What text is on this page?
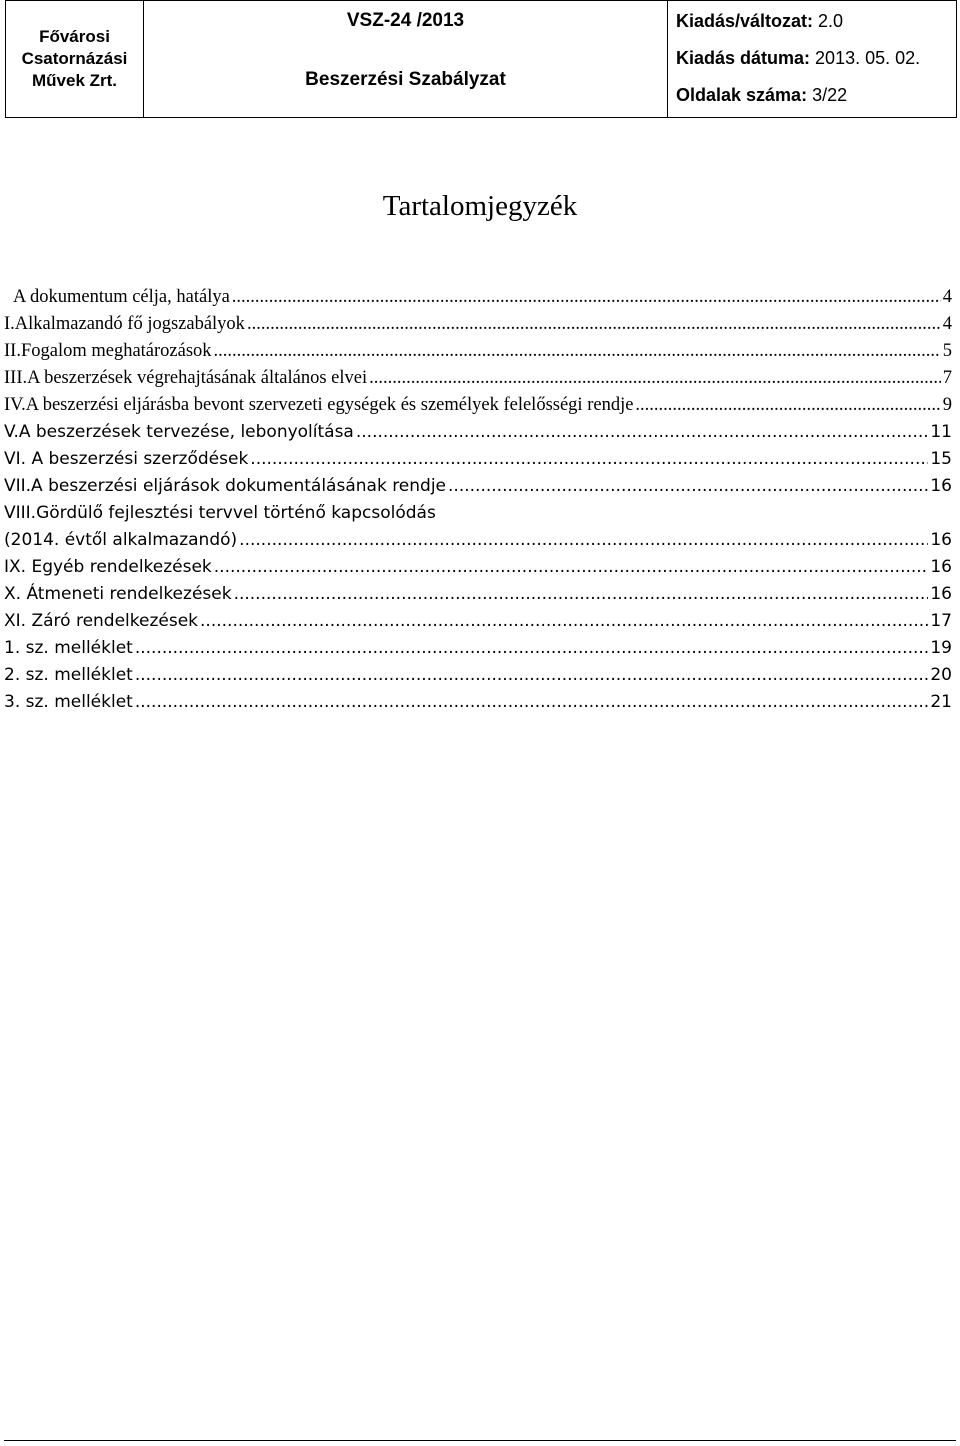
Fővárosi
Csatornázási
Művek Zrt.
VSZ-24 /2013
Beszerzési Szabályzat
Kiadás/változat: 2.0
Kiadás dátuma: 2013. 05. 02.
Oldalak száma: 3/22
Tartalomjegyzék
A dokumentum célja, hatálya .....	4
I.Alkalmazandó fő jogszabályok .....	4
II.Fogalom meghatározások .....	5
III.A beszerzések végrehajtásának általános elvei .....	7
IV.A beszerzési eljárásba bevont szervezeti egységek és személyek felelősségi rendje .....	9
V.A beszerzések tervezése, lebonyolítása .....	11
VI. A beszerzési szerződések .....	15
VII.A beszerzési eljárások dokumentálásának rendje .....	16
VIII.Gördülő fejlesztési tervvel történő kapcsolódás
(2014. évtől alkalmazandó) .....	16
IX. Egyéb rendelkezések .....	16
X. Átmeneti rendelkezések .....	16
XI. Záró rendelkezések .....	17
1. sz. melléklet .....	19
2. sz. melléklet .....	20
3. sz. melléklet .....	21
